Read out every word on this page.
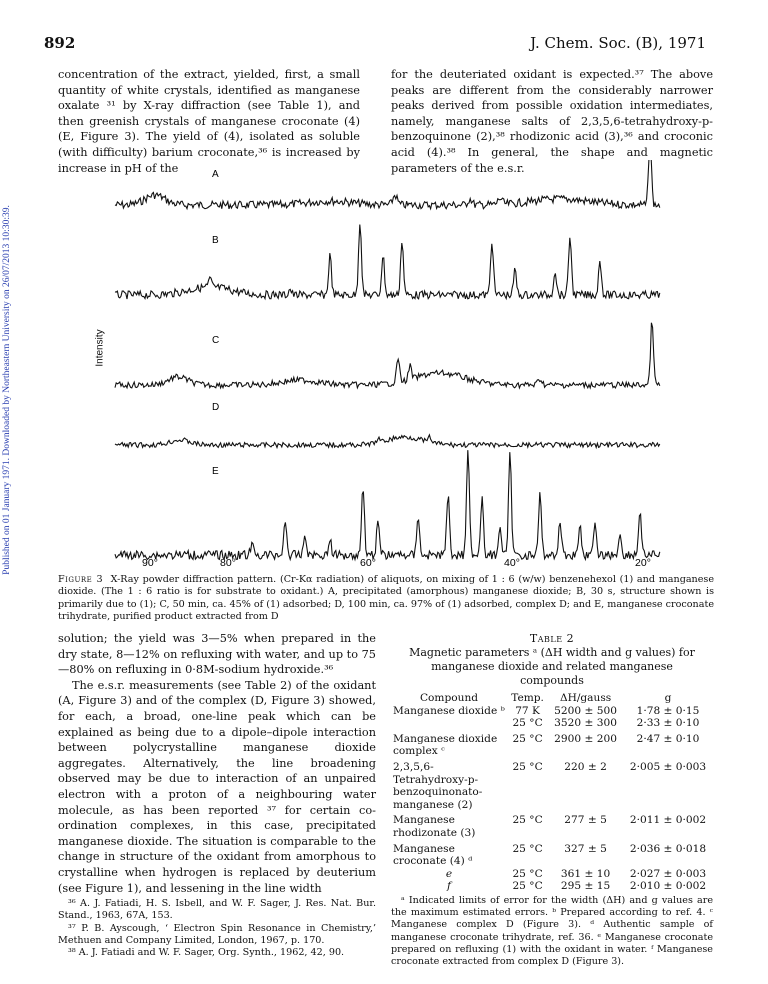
892	J. Chem. Soc. (B), 1971
Published on 01 January 1971. Downloaded by Northeastern University on 26/07/2013 10:30:39.

concentration of the extract, yielded, first, a small quantity of white crystals, identified as manganese oxalate ³¹ by X-ray diffraction (see Table 1), and then greenish crystals of manganese croconate (4) (E, Figure 3). The yield of (4), isolated as soluble (with difficulty) barium croconate,³⁶ is increased by increase in pH of the

for the deuteriated oxidant is expected.³⁷ The above peaks are different from the considerably narrower peaks derived from possible oxidation intermediates, namely, manganese salts of 2,3,5,6-tetrahydroxy-p-benzoquinone (2),³⁸ rhodizonic acid (3),³⁶ and croconic acid (4).³⁸ In general, the shape and magnetic parameters of the e.s.r.

Intensity
A
B
C
D
E
90°	80°	60°	40°	20°
Figure 3 X-Ray powder diffraction pattern. (Cr-Kα radiation) of aliquots, on mixing of 1 : 6 (w/w) benzenehexol (1) and manganese dioxide. (The 1 : 6 ratio is for substrate to oxidant.) A, precipitated (amorphous) manganese dioxide; B, 30 s, structure shown is primarily due to (1); C, 50 min, ca. 45% of (1) adsorbed; D, 100 min, ca. 97% of (1) adsorbed, complex D; and E, manganese croconate trihydrate, purified product extracted from D

solution; the yield was 3—5% when prepared in the dry state, 8—12% on refluxing with water, and up to 75—80% on refluxing in 0·8M-sodium hydroxide.³⁶

The e.s.r. measurements (see Table 2) of the oxidant (A, Figure 3) and of the complex (D, Figure 3) showed, for each, a broad, one-line peak which can be explained as being due to a dipole–dipole interaction between polycrystalline manganese dioxide aggregates. Alternatively, the line broadening observed may be due to interaction of an unpaired electron with a proton of a neighbouring water molecule, as has been reported ³⁷ for certain co-ordination complexes, in this case, precipitated manganese dioxide. The situation is comparable to the change in structure of the oxidant from amorphous to crystalline when hydrogen is replaced by deuterium (see Figure 1), and lessening in the line width

³⁶ A. J. Fatiadi, H. S. Isbell, and W. F. Sager, J. Res. Nat. Bur. Stand., 1963, 67A, 153.
³⁷ P. B. Ayscough, ‘ Electron Spin Resonance in Chemistry,’ Methuen and Company Limited, London, 1967, p. 170.
³⁸ A. J. Fatiadi and W. F. Sager, Org. Synth., 1962, 42, 90.
Table 2
Magnetic parameters ᵃ (ΔH width and g values) for manganese dioxide and related manganese compounds
Compound	Temp.	ΔH/gauss	g
Manganese dioxide ᵇ	77 K	5200 ± 500	1·78 ± 0·15
	25 °C	3520 ± 300	2·33 ± 0·10
Manganese dioxide complex ᶜ	25 °C	2900 ± 200	2·47 ± 0·10
2,3,5,6-Tetrahydroxy-p-benzoquinonato-manganese (2)	25 °C	220 ± 2	2·005 ± 0·003
Manganese rhodizonate (3)	25 °C	277 ± 5	2·011 ± 0·002
Manganese croconate (4) ᵈ	25 °C	327 ± 5	2·036 ± 0·018
e	25 °C	361 ± 10	2·027 ± 0·003
f	25 °C	295 ± 15	2·010 ± 0·002
ᵃ Indicated limits of error for the width (ΔH) and g values are the maximum estimated errors. ᵇ Prepared according to ref. 4. ᶜ Manganese complex D (Figure 3). ᵈ Authentic sample of manganese croconate trihydrate, ref. 36. ᵉ Manganese croconate prepared on refluxing (1) with the oxidant in water. ᶠ Manganese croconate extracted from complex D (Figure 3).
